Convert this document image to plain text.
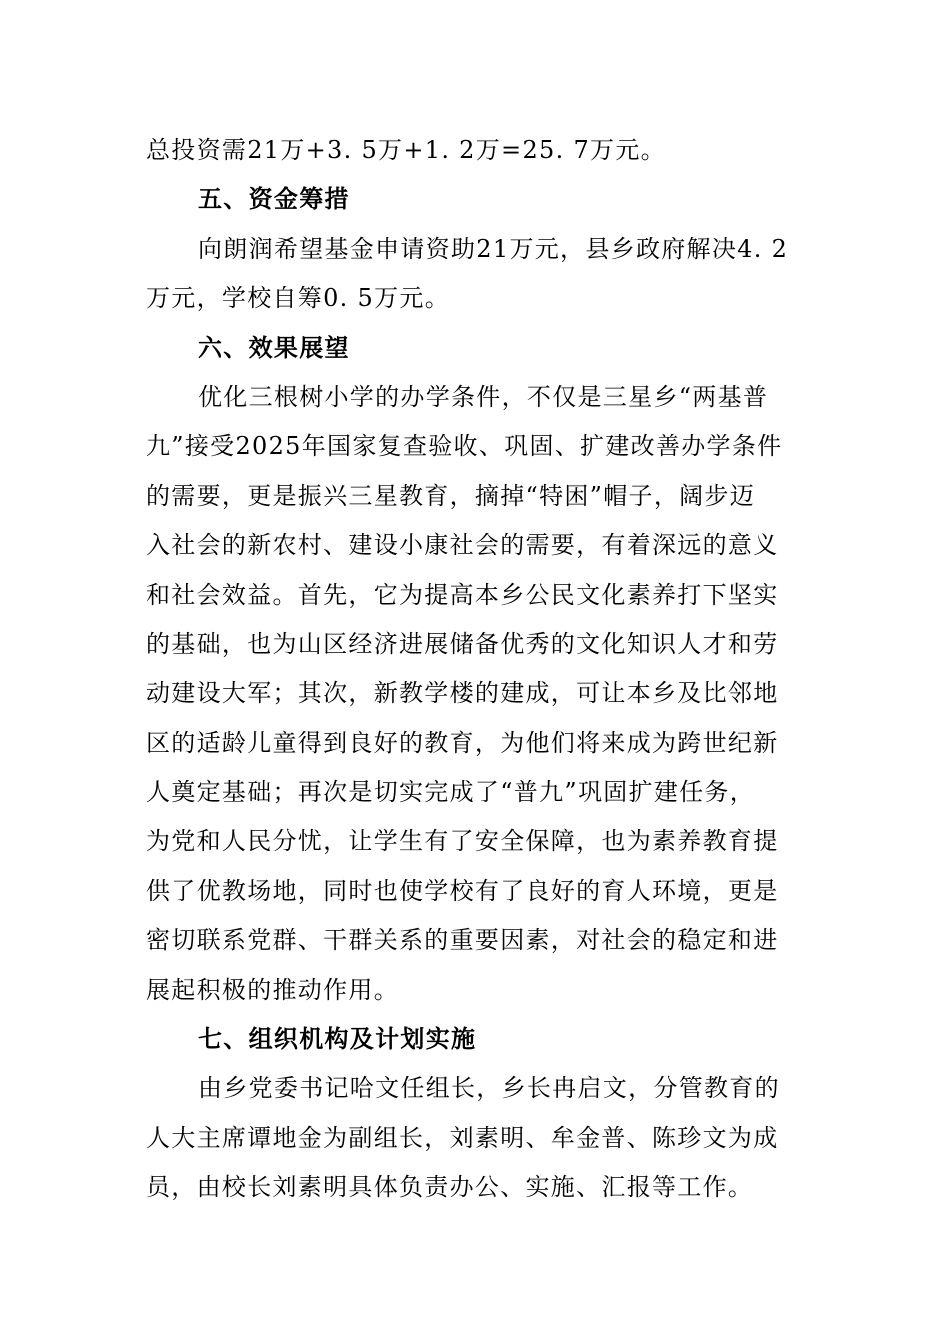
总投资需21万+3. 5万+1. 2万=25. 7万元。
五、资金筹措
向朗润希望基金申请资助21万元，县乡政府解决4. 2
万元，学校自筹0. 5万元。
六、效果展望
优化三根树小学的办学条件，不仅是三星乡“两基普
九”接受2025年国家复查验收、巩固、扩建改善办学条件
的需要，更是振兴三星教育，摘掉“特困”帽子，阔步迈
入社会的新农村、建设小康社会的需要，有着深远的意义
和社会效益。首先，它为提高本乡公民文化素养打下坚实
的基础，也为山区经济进展储备优秀的文化知识人才和劳
动建设大军；其次，新教学楼的建成，可让本乡及比邻地
区的适龄儿童得到良好的教育，为他们将来成为跨世纪新
人奠定基础；再次是切实完成了“普九”巩固扩建任务，
为党和人民分忧，让学生有了安全保障，也为素养教育提
供了优教场地，同时也使学校有了良好的育人环境，更是
密切联系党群、干群关系的重要因素，对社会的稳定和进
展起积极的推动作用。
七、组织机构及计划实施
由乡党委书记哈文任组长，乡长冉启文，分管教育的
人大主席谭地金为副组长，刘素明、牟金普、陈珍文为成
员，由校长刘素明具体负责办公、实施、汇报等工作。
